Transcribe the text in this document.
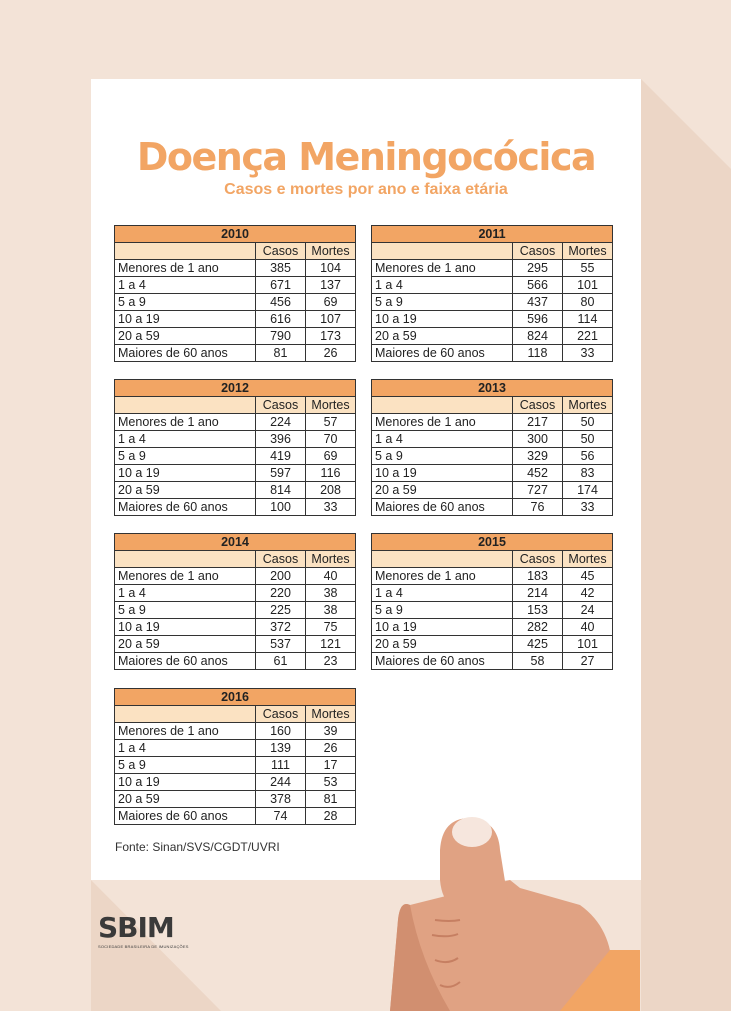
Doença Meningocócica
Casos e mortes por ano e faixa etária
2010		
	Casos	Mortes
Menores de 1 ano	385	104
1 a 4	671	137
5 a 9	456	69
10 a 19	616	107
20 a 59	790	173
Maiores de 60 anos	81	26
2011		
	Casos	Mortes
Menores de 1 ano	295	55
1 a 4	566	101
5 a 9	437	80
10 a 19	596	114
20 a 59	824	221
Maiores de 60 anos	118	33
2012		
	Casos	Mortes
Menores de 1 ano	224	57
1 a 4	396	70
5 a 9	419	69
10 a 19	597	116
20 a 59	814	208
Maiores de 60 anos	100	33
2013		
	Casos	Mortes
Menores de 1 ano	217	50
1 a 4	300	50
5 a 9	329	56
10 a 19	452	83
20 a 59	727	174
Maiores de 60 anos	76	33
2014		
	Casos	Mortes
Menores de 1 ano	200	40
1 a 4	220	38
5 a 9	225	38
10 a 19	372	75
20 a 59	537	121
Maiores de 60 anos	61	23
2015		
	Casos	Mortes
Menores de 1 ano	183	45
1 a 4	214	42
5 a 9	153	24
10 a 19	282	40
20 a 59	425	101
Maiores de 60 anos	58	27
2016		
	Casos	Mortes
Menores de 1 ano	160	39
1 a 4	139	26
5 a 9	111	17
10 a 19	244	53
20 a 59	378	81
Maiores de 60 anos	74	28
Fonte: Sinan/SVS/CGDT/UVRI
SBIM
SOCIEDADE BRASILEIRA DE IMUNIZAÇÕES
